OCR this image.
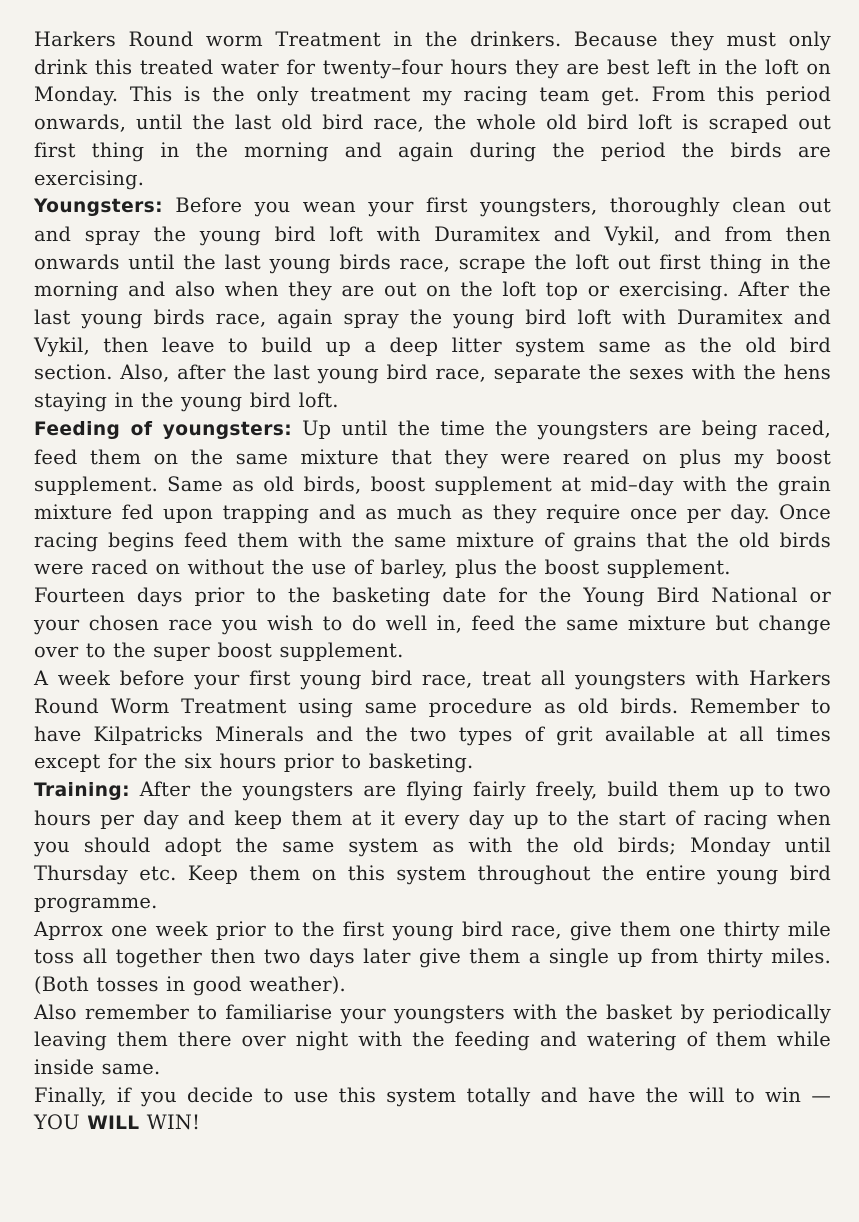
Harkers Round worm Treatment in the drinkers. Because they must only drink this treated water for twenty–four hours they are best left in the loft on Monday. This is the only treatment my racing team get. From this period onwards, until the last old bird race, the whole old bird loft is scraped out first thing in the morning and again during the period the birds are exercising.

Youngsters: Before you wean your first youngsters, thoroughly clean out and spray the young bird loft with Duramitex and Vykil, and from then onwards until the last young birds race, scrape the loft out first thing in the morning and also when they are out on the loft top or exercising. After the last young birds race, again spray the young bird loft with Duramitex and Vykil, then leave to build up a deep litter system same as the old bird section. Also, after the last young bird race, separate the sexes with the hens staying in the young bird loft.

Feeding of youngsters: Up until the time the youngsters are being raced, feed them on the same mixture that they were reared on plus my boost supplement. Same as old birds, boost supplement at mid–day with the grain mixture fed upon trapping and as much as they require once per day. Once racing begins feed them with the same mixture of grains that the old birds were raced on without the use of barley, plus the boost supplement.

Fourteen days prior to the basketing date for the Young Bird National or your chosen race you wish to do well in, feed the same mixture but change over to the super boost supplement.

A week before your first young bird race, treat all youngsters with Harkers Round Worm Treatment using same procedure as old birds. Remember to have Kilpatricks Minerals and the two types of grit available at all times except for the six hours prior to basketing.

Training: After the youngsters are flying fairly freely, build them up to two hours per day and keep them at it every day up to the start of racing when you should adopt the same system as with the old birds; Monday until Thursday etc. Keep them on this system throughout the entire young bird programme.

Aprrox one week prior to the first young bird race, give them one thirty mile toss all together then two days later give them a single up from thirty miles. (Both tosses in good weather).

Also remember to familiarise your youngsters with the basket by periodically leaving them there over night with the feeding and watering of them while inside same.

Finally, if you decide to use this system totally and have the will to win — YOU WILL WIN!
